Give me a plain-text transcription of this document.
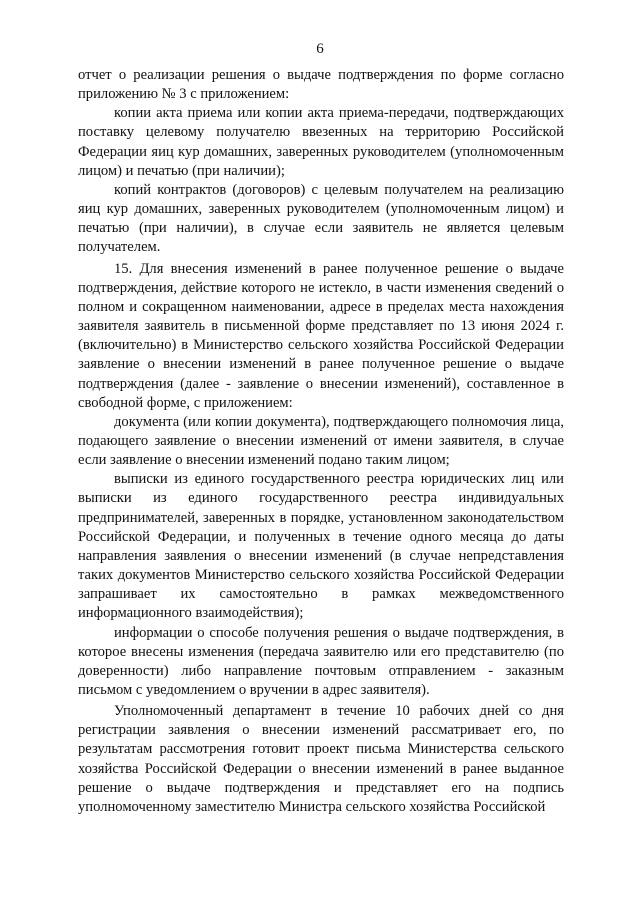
6

отчет о реализации решения о выдаче подтверждения по форме согласно приложению № 3 с приложением:

копии акта приема или копии акта приема-передачи, подтверждающих поставку целевому получателю ввезенных на территорию Российской Федерации яиц кур домашних, заверенных руководителем (уполномоченным лицом) и печатью (при наличии);

копий контрактов (договоров) с целевым получателем на реализацию яиц кур домашних, заверенных руководителем (уполномоченным лицом) и печатью (при наличии), в случае если заявитель не является целевым получателем.

15. Для внесения изменений в ранее полученное решение о выдаче подтверждения, действие которого не истекло, в части изменения сведений о полном и сокращенном наименовании, адресе в пределах места нахождения заявителя заявитель в письменной форме представляет по 13 июня 2024 г. (включительно) в Министерство сельского хозяйства Российской Федерации заявление о внесении изменений в ранее полученное решение о выдаче подтверждения (далее - заявление о внесении изменений), составленное в свободной форме, с приложением:

документа (или копии документа), подтверждающего полномочия лица, подающего заявление о внесении изменений от имени заявителя, в случае если заявление о внесении изменений подано таким лицом;

выписки из единого государственного реестра юридических лиц или выписки из единого государственного реестра индивидуальных предпринимателей, заверенных в порядке, установленном законодательством Российской Федерации, и полученных в течение одного месяца до даты направления заявления о внесении изменений (в случае непредставления таких документов Министерство сельского хозяйства Российской Федерации запрашивает их самостоятельно в рамках межведомственного информационного взаимодействия);

информации о способе получения решения о выдаче подтверждения, в которое внесены изменения (передача заявителю или его представителю (по доверенности) либо направление почтовым отправлением - заказным письмом с уведомлением о вручении в адрес заявителя).

Уполномоченный департамент в течение 10 рабочих дней со дня регистрации заявления о внесении изменений рассматривает его, по результатам рассмотрения готовит проект письма Министерства сельского хозяйства Российской Федерации о внесении изменений в ранее выданное решение о выдаче подтверждения и представляет его на подпись уполномоченному заместителю Министра сельского хозяйства Российской
